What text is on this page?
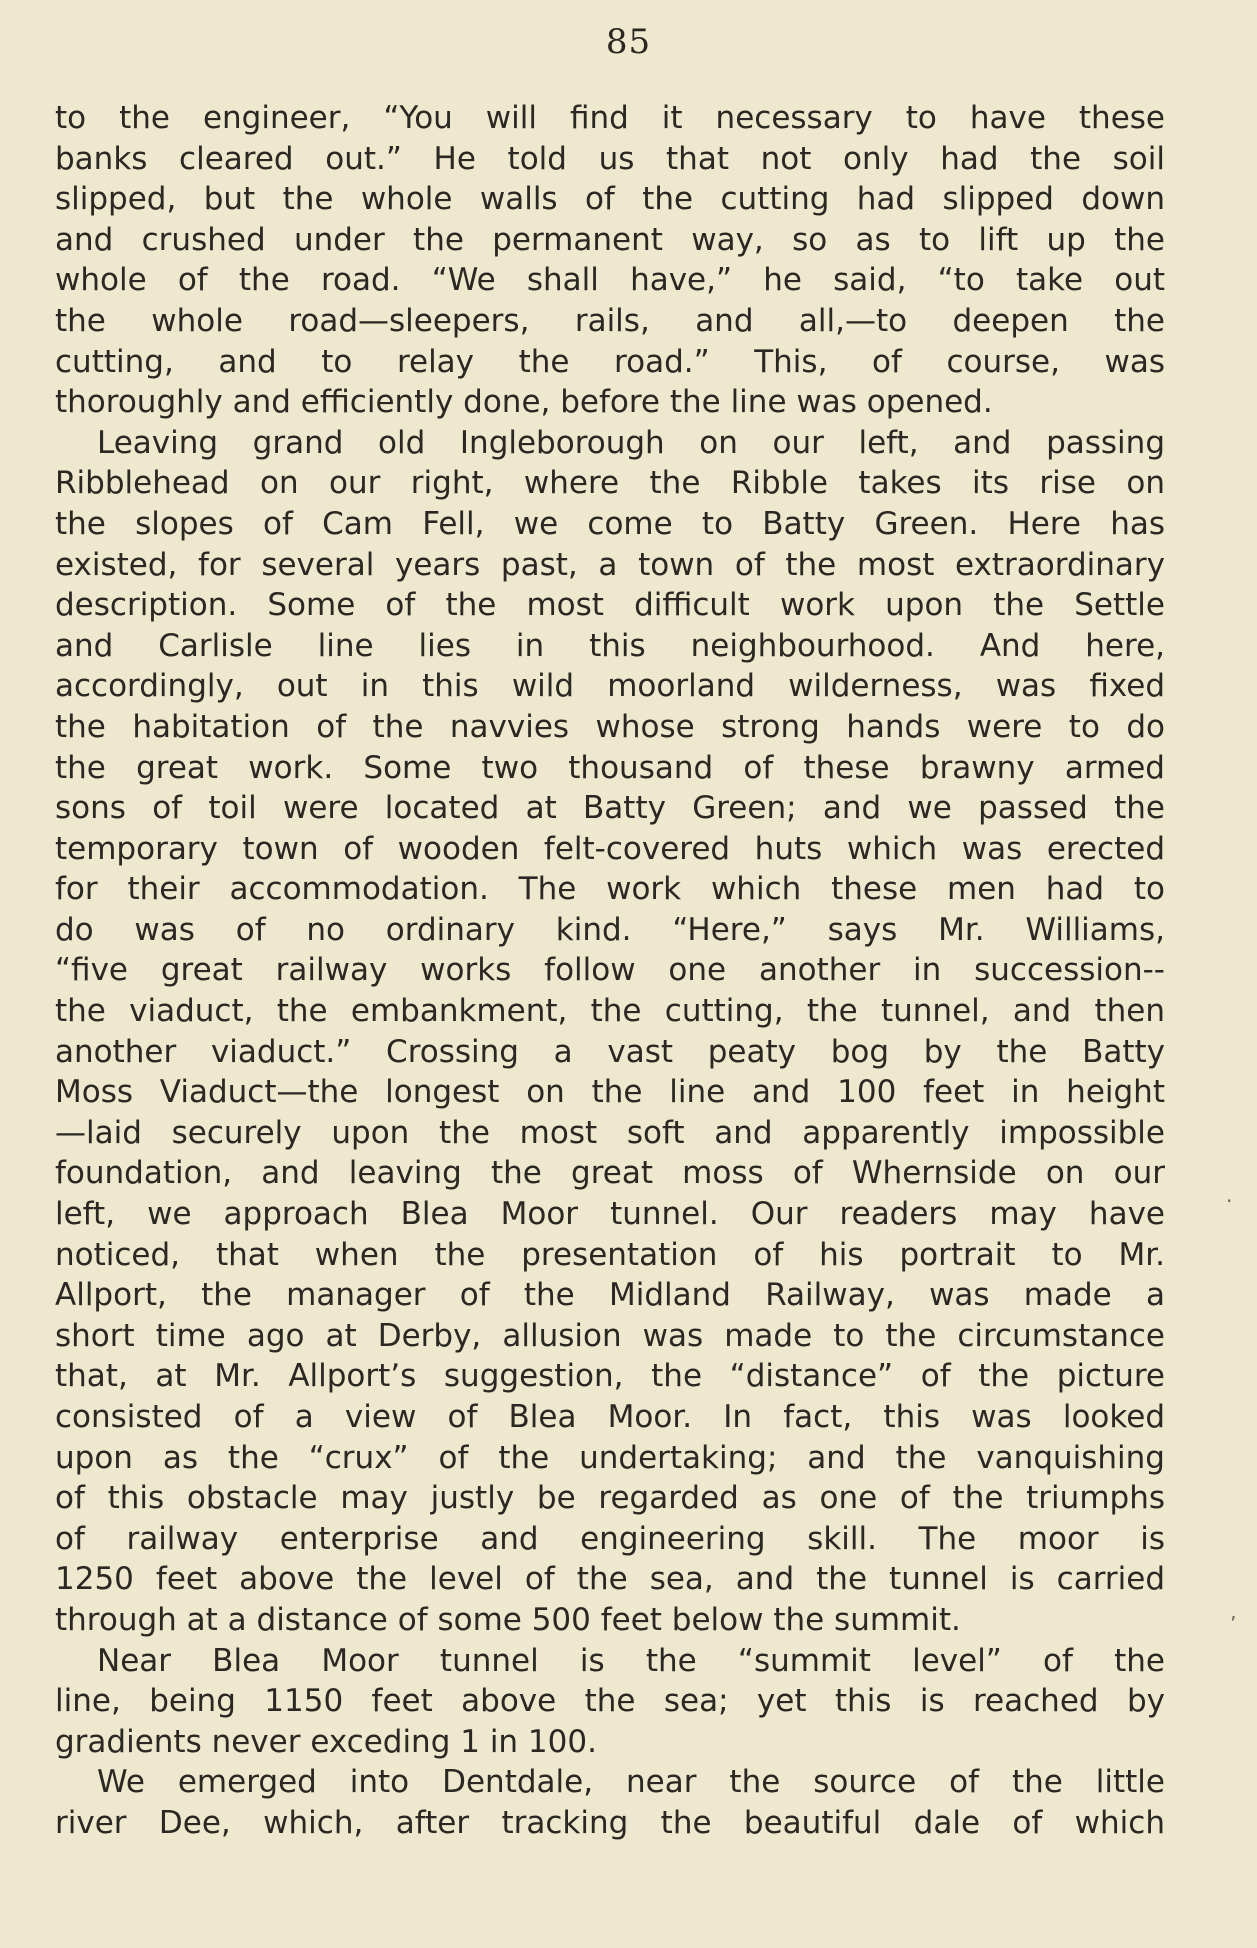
85
to the engineer, “You will find it necessary to have these
banks cleared out.” He told us that not only had the soil
slipped, but the whole walls of the cutting had slipped down
and crushed under the permanent way, so as to lift up the
whole of the road. “We shall have,” he said, “to take out
the whole road—sleepers, rails, and all,—to deepen the
cutting, and to relay the road.” This, of course, was
thoroughly and efficiently done, before the line was opened.
Leaving grand old Ingleborough on our left, and passing
Ribblehead on our right, where the Ribble takes its rise on
the slopes of Cam Fell, we come to Batty Green. Here has
existed, for several years past, a town of the most extraordinary
description. Some of the most difficult work upon the Settle
and Carlisle line lies in this neighbourhood. And here,
accordingly, out in this wild moorland wilderness, was fixed
the habitation of the navvies whose strong hands were to do
the great work. Some two thousand of these brawny armed
sons of toil were located at Batty Green; and we passed the
temporary town of wooden felt-covered huts which was erected
for their accommodation. The work which these men had to
do was of no ordinary kind. “Here,” says Mr. Williams,
“five great railway works follow one another in succession--
the viaduct, the embankment, the cutting, the tunnel, and then
another viaduct.” Crossing a vast peaty bog by the Batty
Moss Viaduct—the longest on the line and 100 feet in height
—laid securely upon the most soft and apparently impossible
foundation, and leaving the great moss of Whernside on our
left, we approach Blea Moor tunnel. Our readers may have
noticed, that when the presentation of his portrait to Mr.
Allport, the manager of the Midland Railway, was made a
short time ago at Derby, allusion was made to the circumstance
that, at Mr. Allport’s suggestion, the “distance” of the picture
consisted of a view of Blea Moor. In fact, this was looked
upon as the “crux” of the undertaking; and the vanquishing
of this obstacle may justly be regarded as one of the triumphs
of railway enterprise and engineering skill. The moor is
1250 feet above the level of the sea, and the tunnel is carried
through at a distance of some 500 feet below the summit.
Near Blea Moor tunnel is the “summit level” of the
line, being 1150 feet above the sea; yet this is reached by
gradients never exceding 1 in 100.
We emerged into Dentdale, near the source of the little
river Dee, which, after tracking the beautiful dale of which
.
’
